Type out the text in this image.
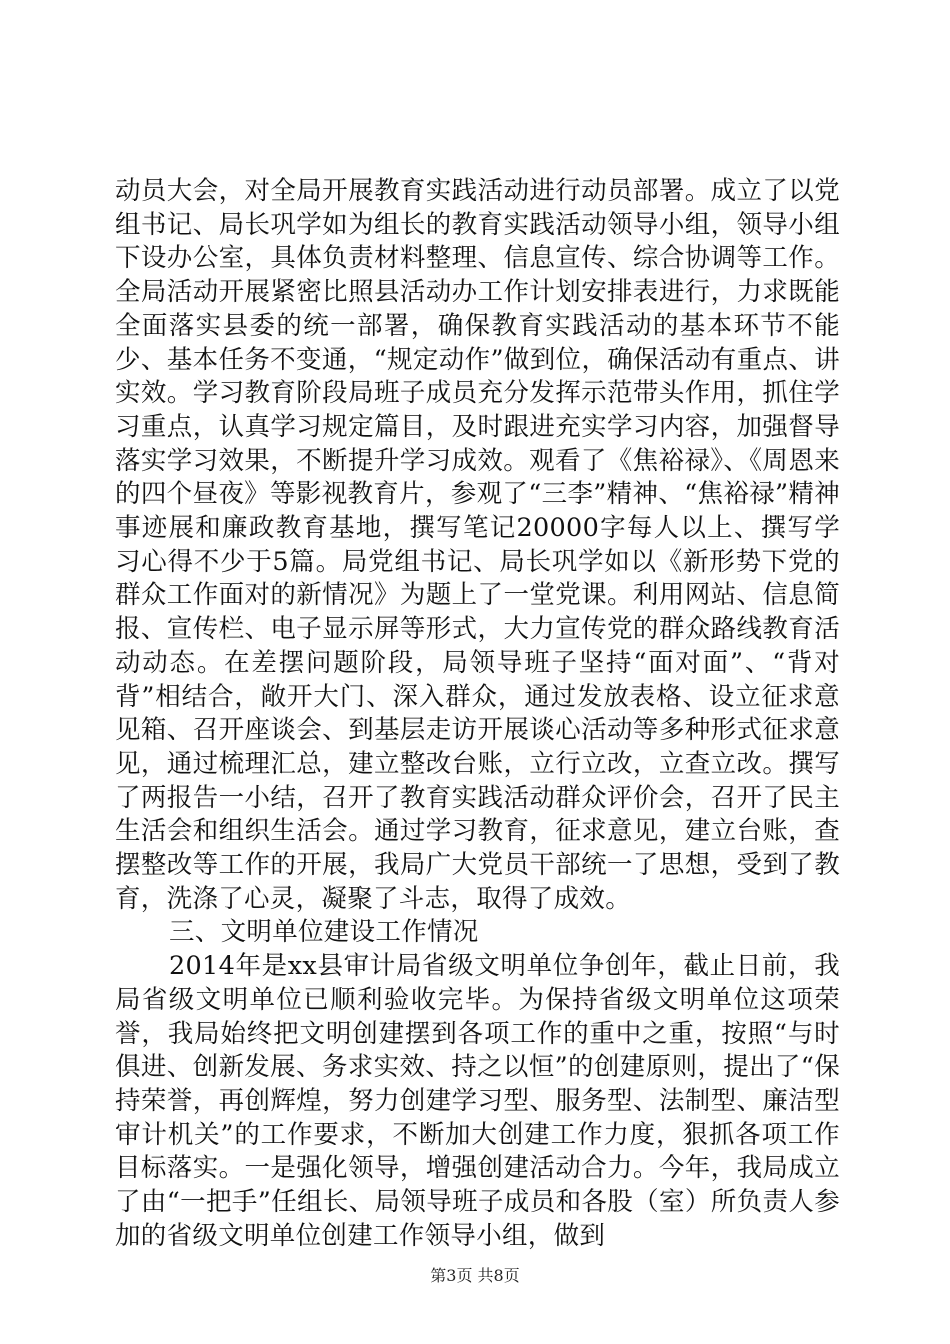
动员大会，对全局开展教育实践活动进行动员部署。成立了以党组书记、局长巩学如为组长的教育实践活动领导小组，领导小组下设办公室，具体负责材料整理、信息宣传、综合协调等工作。全局活动开展紧密比照县活动办工作计划安排表进行，力求既能全面落实县委的统一部署，确保教育实践活动的基本环节不能少、基本任务不变通，“规定动作”做到位，确保活动有重点、讲实效。学习教育阶段局班子成员充分发挥示范带头作用，抓住学习重点，认真学习规定篇目，及时跟进充实学习内容，加强督导落实学习效果，不断提升学习成效。观看了《焦裕禄》、《周恩来的四个昼夜》等影视教育片，参观了“三李”精神、“焦裕禄”精神事迹展和廉政教育基地，撰写笔记20000字每人以上、撰写学习心得不少于5篇。局党组书记、局长巩学如以《新形势下党的群众工作面对的新情况》为题上了一堂党课。利用网站、信息简报、宣传栏、电子显示屏等形式，大力宣传党的群众路线教育活动动态。在差摆问题阶段，局领导班子坚持“面对面”、“背对背”相结合，敞开大门、深入群众，通过发放表格、设立征求意见箱、召开座谈会、到基层走访开展谈心活动等多种形式征求意见，通过梳理汇总，建立整改台账，立行立改，立查立改。撰写了两报告一小结，召开了教育实践活动群众评价会，召开了民主生活会和组织生活会。通过学习教育，征求意见，建立台账，查摆整改等工作的开展，我局广大党员干部统一了思想，受到了教育，洗涤了心灵，凝聚了斗志，取得了成效。

三、文明单位建设工作情况

2014年是xx县审计局省级文明单位争创年，截止日前，我局省级文明单位已顺利验收完毕。为保持省级文明单位这项荣誉，我局始终把文明创建摆到各项工作的重中之重，按照“与时俱进、创新发展、务求实效、持之以恒”的创建原则，提出了“保持荣誉，再创辉煌，努力创建学习型、服务型、法制型、廉洁型审计机关”的工作要求，不断加大创建工作力度，狠抓各项工作目标落实。一是强化领导，增强创建活动合力。今年，我局成立了由“一把手”任组长、局领导班子成员和各股（室）所负责人参加的省级文明单位创建工作领导小组，做到

第3页 共8页
